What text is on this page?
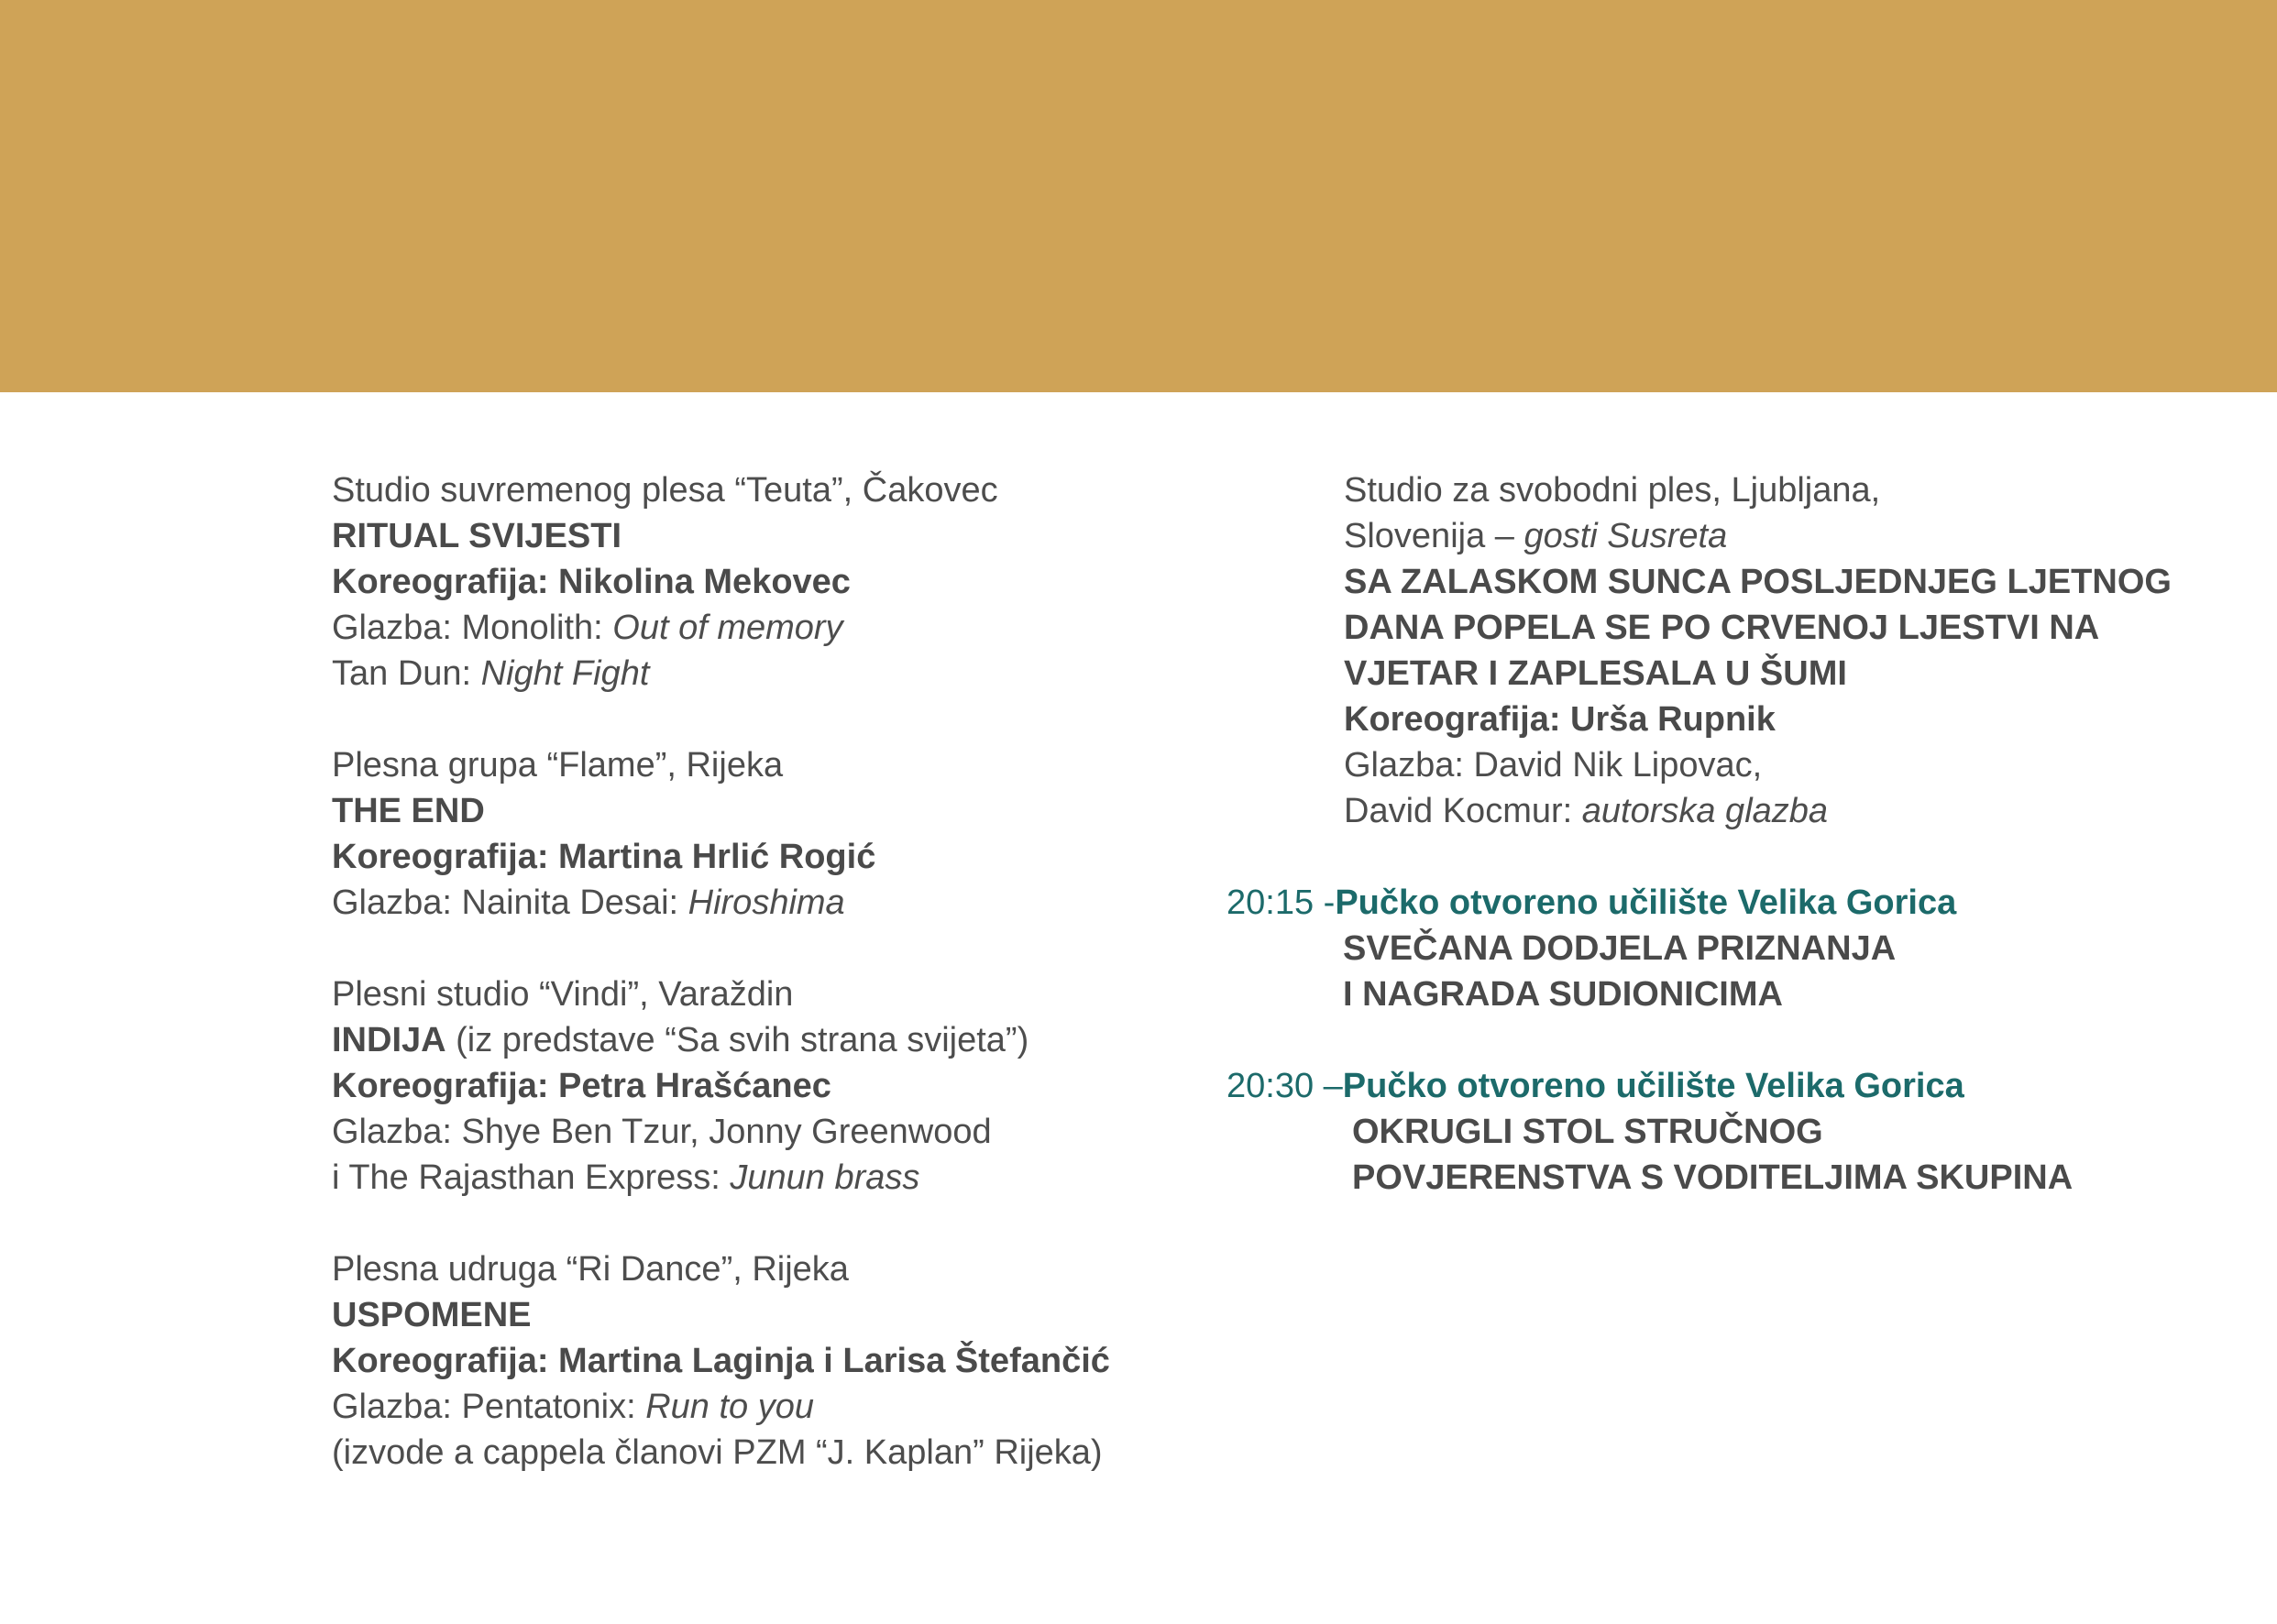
Studio suvremenog plesa “Teuta”, Čakovec
RITUAL SVIJESTI
Koreografija: Nikolina Mekovec
Glazba: Monolith: Out of memory
Tan Dun: Night Fight
Plesna grupa “Flame”, Rijeka
THE END
Koreografija: Martina Hrlić Rogić
Glazba: Nainita Desai: Hiroshima
Plesni studio “Vindi”, Varaždin
INDIJA (iz predstave “Sa svih strana svijeta”)
Koreografija: Petra Hrašćanec
Glazba: Shye Ben Tzur, Jonny Greenwood
i The Rajasthan Express: Junun brass
Plesna udruga “Ri Dance”, Rijeka
USPOMENE
Koreografija: Martina Laginja i Larisa Štefančić
Glazba: Pentatonix: Run to you
(izvode a cappela članovi PZM “J. Kaplan” Rijeka)
Studio za svobodni ples, Ljubljana,
Slovenija – gosti Susreta
SA ZALASKOM SUNCA POSLJEDNJEG LJETNOG
DANA POPELA SE PO CRVENOJ LJESTVI NA
VJETAR I ZAPLESALA U ŠUMI
Koreografija: Urša Rupnik
Glazba: David Nik Lipovac,
David Kocmur: autorska glazba
20:15 - Pučko otvoreno učilište Velika Gorica
SVEČANA DODJELA PRIZNANJA
I NAGRADA SUDIONICIMA
20:30 – Pučko otvoreno učilište Velika Gorica
OKRUGLI STOL STRUČNOG
POVJERENSTVA S VODITELJIMA SKUPINA
